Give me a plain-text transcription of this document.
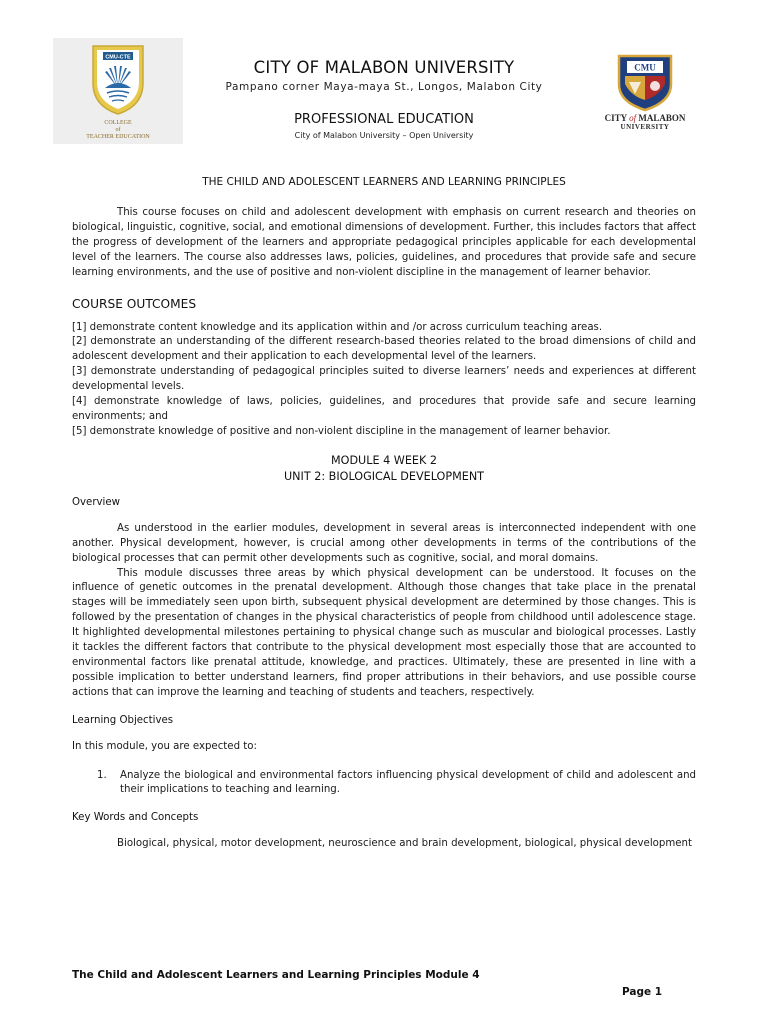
CMU-CTE
COLLEGE
of
TEACHER EDUCATION
CITY OF MALABON UNIVERSITY
Pampano corner Maya-maya St., Longos, Malabon City
PROFESSIONAL EDUCATION
City of Malabon University – Open University
CMU
CITY of MALABON
UNIVERSITY
THE CHILD AND ADOLESCENT LEARNERS AND LEARNING PRINCIPLES

This course focuses on child and adolescent development with emphasis on current research and theories on biological, linguistic, cognitive, social, and emotional dimensions of development. Further, this includes factors that affect the progress of development of the learners and appropriate pedagogical principles applicable for each developmental level of the learners. The course also addresses laws, policies, guidelines, and procedures that provide safe and secure learning environments, and the use of positive and non-violent discipline in the management of learner behavior.

COURSE OUTCOMES

[1] demonstrate content knowledge and its application within and /or across curriculum teaching areas.

[2] demonstrate an understanding of the different research-based theories related to the broad dimensions of child and adolescent development and their application to each developmental level of the learners.

[3] demonstrate understanding of pedagogical principles suited to diverse learners’ needs and experiences at different developmental levels.

[4] demonstrate knowledge of laws, policies, guidelines, and procedures that provide safe and secure learning environments; and

[5] demonstrate knowledge of positive and non-violent discipline in the management of learner behavior.

MODULE 4 WEEK 2
UNIT 2: BIOLOGICAL DEVELOPMENT
Overview

As understood in the earlier modules, development in several areas is interconnected independent with one another. Physical development, however, is crucial among other developments in terms of the contributions of the biological processes that can permit other developments such as cognitive, social, and moral domains.

This module discusses three areas by which physical development can be understood. It focuses on the influence of genetic outcomes in the prenatal development. Although those changes that take place in the prenatal stages will be immediately seen upon birth, subsequent physical development are determined by those changes. This is followed by the presentation of changes in the physical characteristics of people from childhood until adolescence stage. It highlighted developmental milestones pertaining to physical change such as muscular and biological processes. Lastly it tackles the different factors that contribute to the physical development most especially those that are accounted to environmental factors like prenatal attitude, knowledge, and practices. Ultimately, these are presented in line with a possible implication to better understand learners, find proper attributions in their behaviors, and use possible course actions that can improve the learning and teaching of students and teachers, respectively.

Learning Objectives

In this module, you are expected to:

1.	Analyze the biological and environmental factors influencing physical development of child and adolescent and their implications to teaching and learning.

Key Words and Concepts

Biological, physical, motor development, neuroscience and brain development, biological, physical development

The Child and Adolescent Learners and Learning Principles Module 4
Page 1
